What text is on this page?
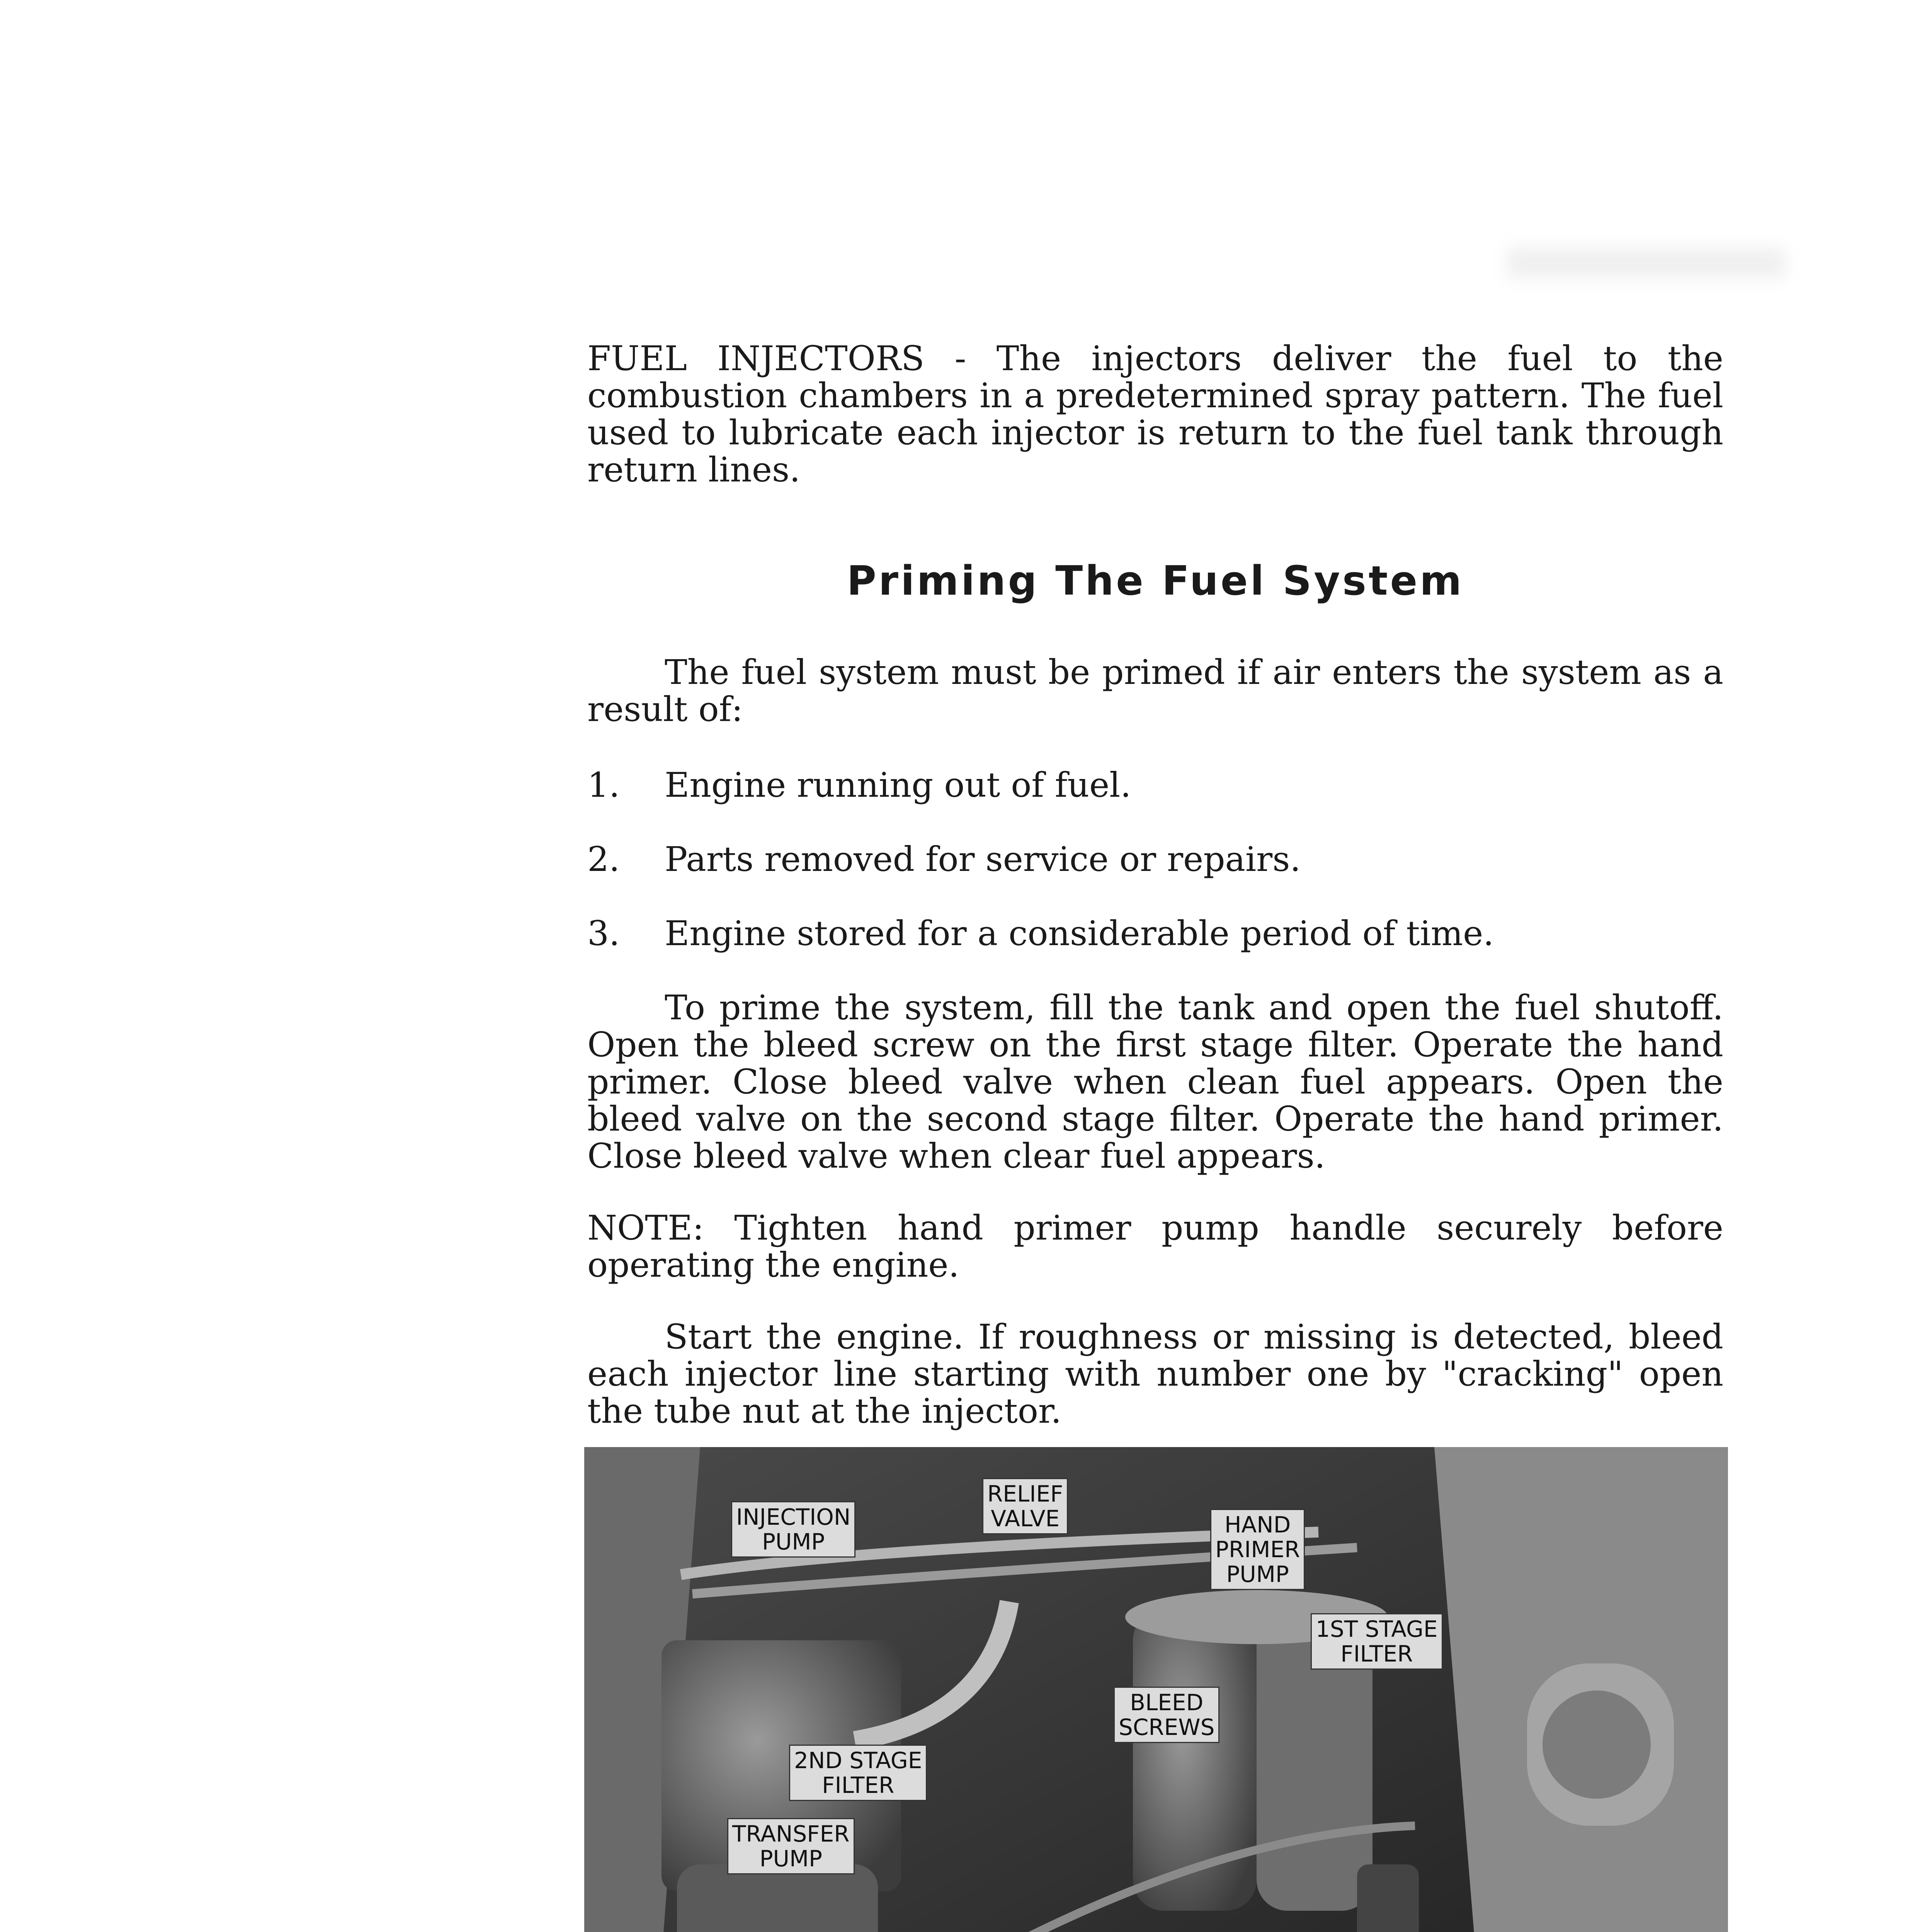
FUEL INJECTORS - The injectors deliver the fuel to the combustion chambers in a predetermined spray pattern. The fuel used to lubricate each injector is return to the fuel tank through return lines.

Priming The Fuel System

The fuel system must be primed if air enters the system as a result of:

1.	Engine running out of fuel.
2.	Parts removed for service or repairs.
3.	Engine stored for a considerable period of time.

To prime the system, fill the tank and open the fuel shutoff. Open the bleed screw on the first stage filter. Operate the hand primer. Close bleed valve when clean fuel appears. Open the bleed valve on the second stage filter. Operate the hand primer. Close bleed valve when clear fuel appears.

NOTE: Tighten hand primer pump handle securely before operating the engine.

Start the engine. If roughness or missing is detected, bleed each injector line starting with number one by "cracking" open the tube nut at the injector.

INJECTION
PUMP
RELIEF
VALVE	HAND
PRIMER
PUMP
1ST STAGE
FILTER
BLEED
SCREWS
2ND STAGE
FILTER
TRANSFER
PUMP
